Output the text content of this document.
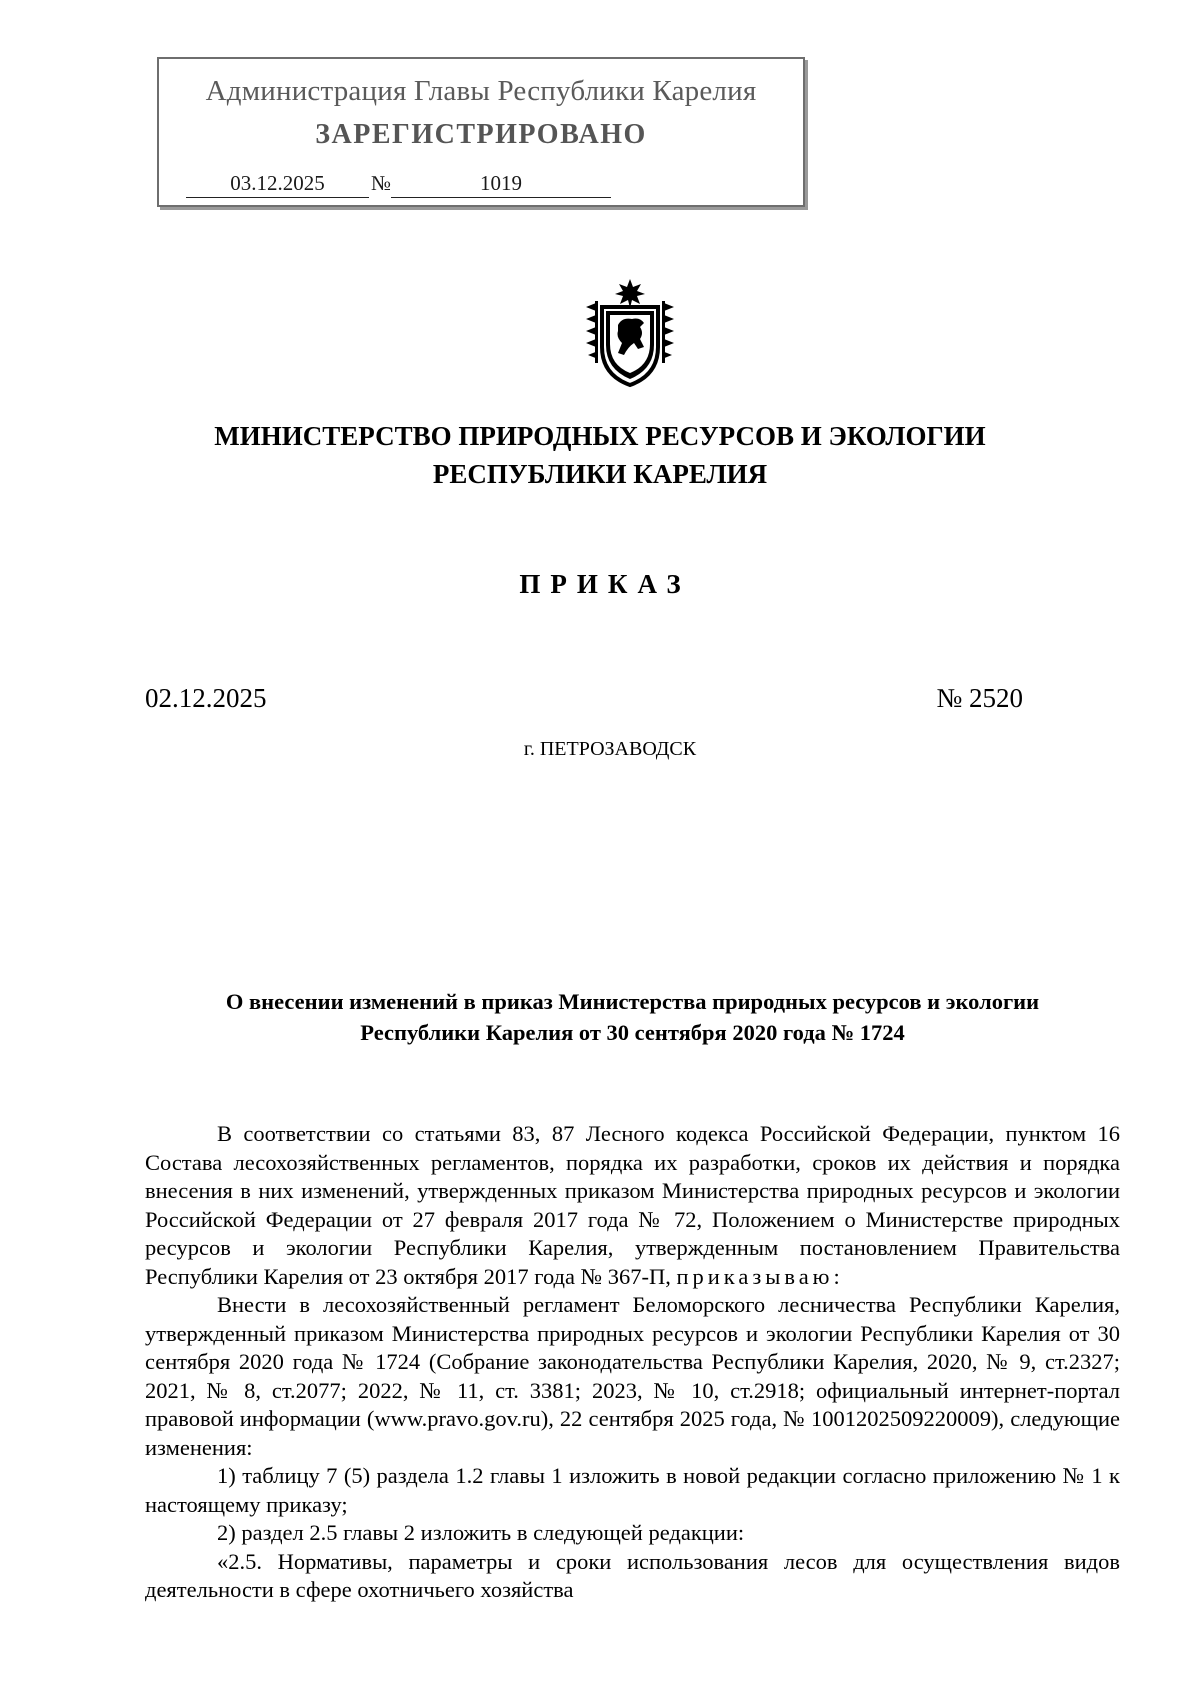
Администрация Главы Республики Карелия
ЗАРЕГИСТРИРОВАНО
03.12.2025	№	1019
МИНИСТЕРСТВО ПРИРОДНЫХ РЕСУРСОВ И ЭКОЛОГИИ
РЕСПУБЛИКИ КАРЕЛИЯ
ПРИКАЗ
02.12.2025	№ 2520
г. ПЕТРОЗАВОДСК
О внесении изменений в приказ Министерства природных ресурсов и экологии
Республики Карелия от 30 сентября 2020 года № 1724

В соответствии со статьями 83, 87 Лесного кодекса Российской Федерации, пунктом 16 Состава лесохозяйственных регламентов, порядка их разработки, сроков их действия и порядка внесения в них изменений, утвержденных приказом Министерства природных ресурсов и экологии Российской Федерации от 27 февраля 2017 года № 72, Положением о Министерстве природных ресурсов и экологии Республики Карелия, утвержденным постановлением Правительства Республики Карелия от 23 октября 2017 года № 367-П, приказываю:

Внести в лесохозяйственный регламент Беломорского лесничества Республики Карелия, утвержденный приказом Министерства природных ресурсов и экологии Республики Карелия от 30 сентября 2020 года № 1724 (Собрание законодательства Республики Карелия, 2020, № 9, ст.2327; 2021, № 8, ст.2077; 2022, № 11, ст. 3381; 2023, № 10, ст.2918; официальный интернет-портал правовой информации (www.pravo.gov.ru), 22 сентября 2025 года, № 1001202509220009), следующие изменения:

1) таблицу 7 (5) раздела 1.2 главы 1 изложить в новой редакции согласно приложению № 1 к настоящему приказу;

2) раздел 2.5 главы 2 изложить в следующей редакции:

«2.5. Нормативы, параметры и сроки использования лесов для осуществления видов деятельности в сфере охотничьего хозяйства
